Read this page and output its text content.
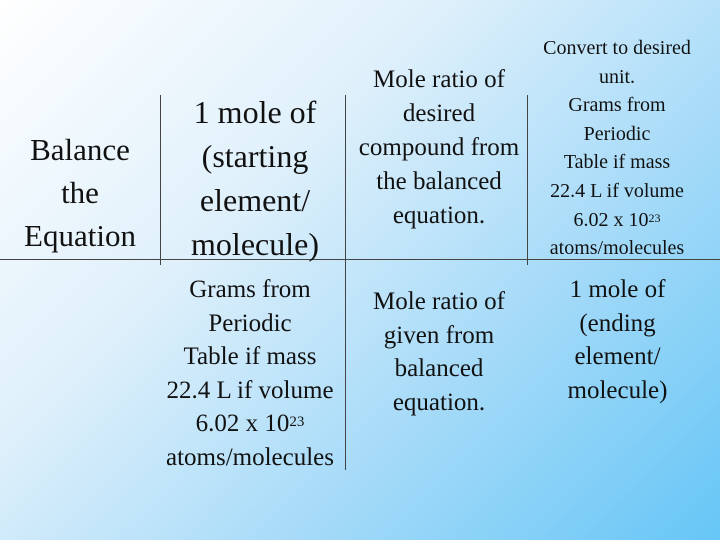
Balance
the
Equation
1 mole of
(starting
element/
molecule)
Mole ratio of
desired
compound from
the balanced
equation.
Convert to desired
unit.
Grams from
Periodic
Table if mass
22.4 L if volume
6.02 x $10^{23}$
atoms/molecules
Grams from
Periodic
Table if mass
22.4 L if volume
6.02 x $10^{23}$
atoms/molecules
Mole ratio of
given from
balanced
equation.
1 mole of
(ending
element/
molecule)
